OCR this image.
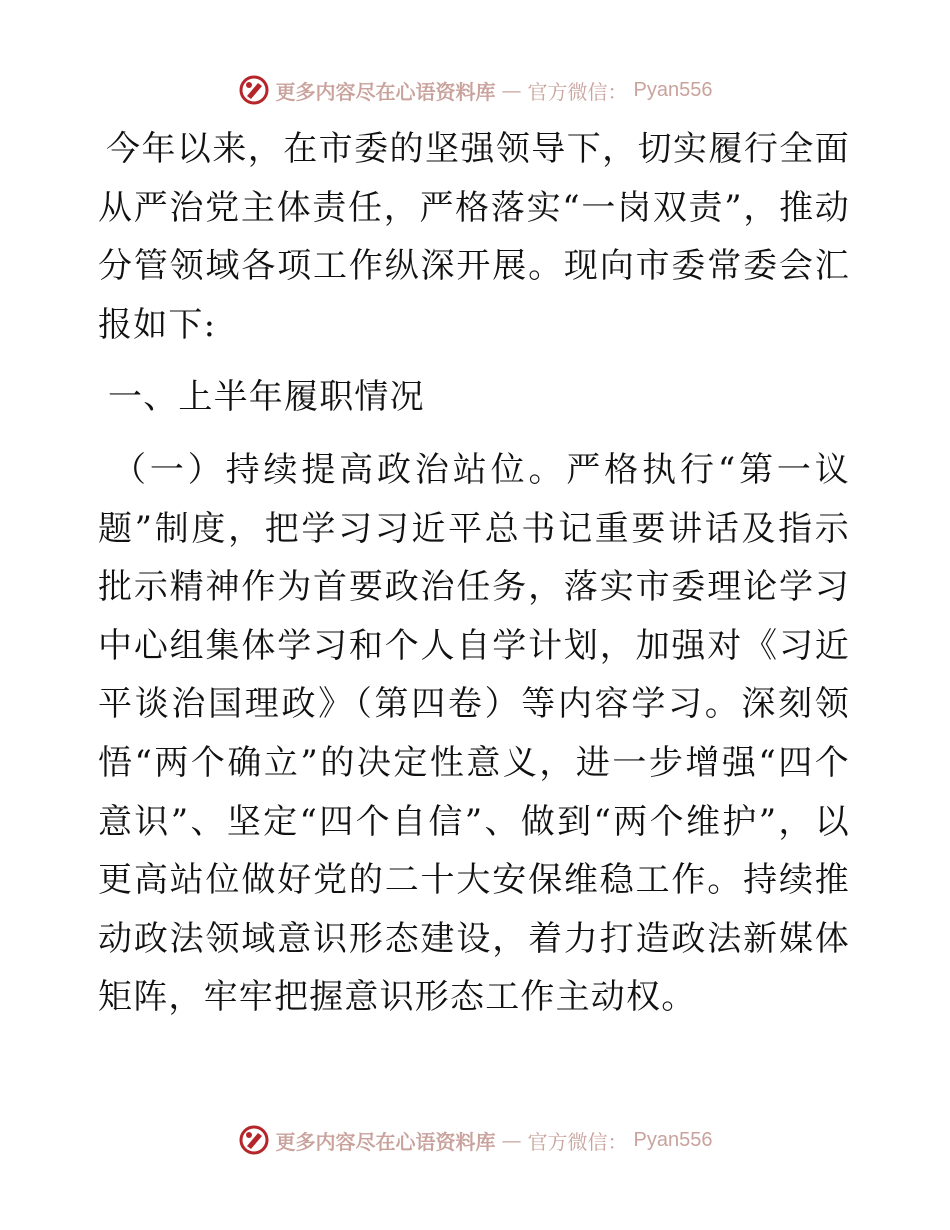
更多内容尽在心语资料库 — 官方微信： Pyan556

今年以来，在市委的坚强领导下，切实履行全面从严治党主体责任，严格落实“一岗双责”，推动分管领域各项工作纵深开展。现向市委常委会汇报如下:

一、上半年履职情况

（一）持续提高政治站位。严格执行“第一议题”制度，把学习习近平总书记重要讲话及指示批示精神作为首要政治任务，落实市委理论学习中心组集体学习和个人自学计划，加强对《习近平谈治国理政》（第四卷）等内容学习。深刻领悟“两个确立”的决定性意义，进一步增强“四个意识”、坚定“四个自信”、做到“两个维护”，以更高站位做好党的二十大安保维稳工作。持续推动政法领域意识形态建设，着力打造政法新媒体矩阵，牢牢把握意识形态工作主动权。

更多内容尽在心语资料库 — 官方微信： Pyan556
